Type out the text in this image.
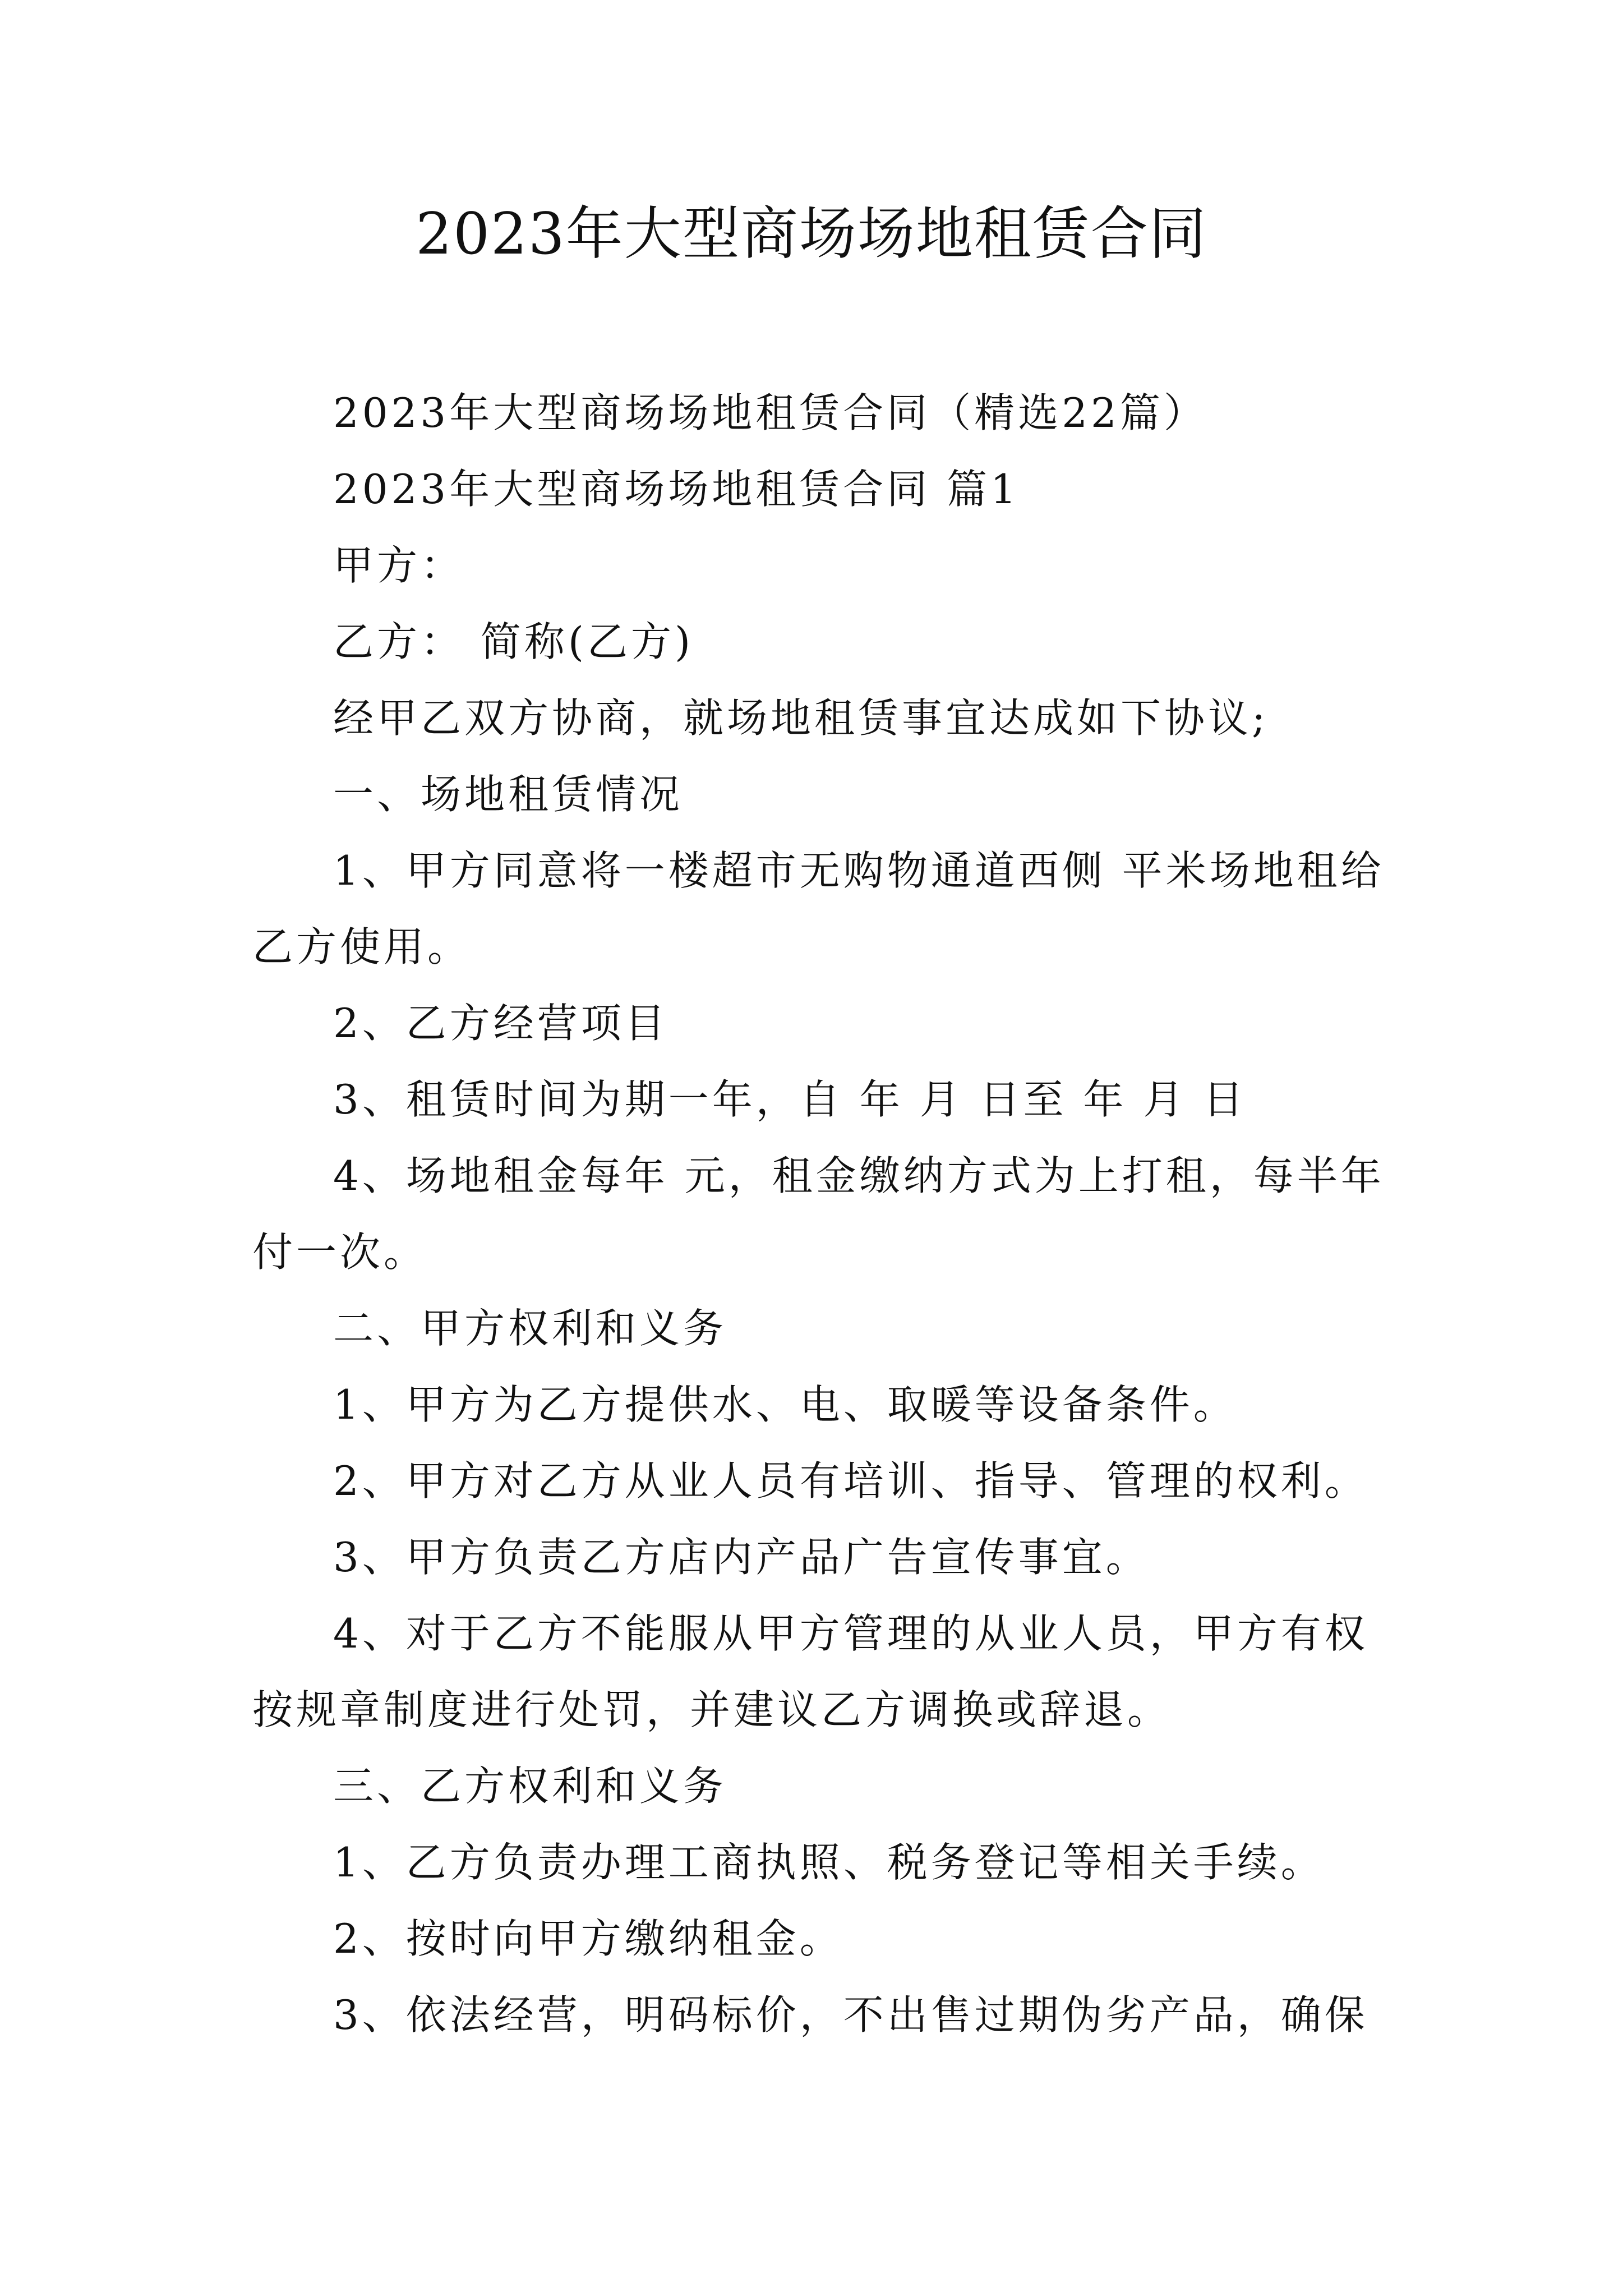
2023年大型商场场地租赁合同

2023年大型商场场地租赁合同（精选22篇）

2023年大型商场场地租赁合同 篇1

甲方：

乙方： 简称(乙方)

经甲乙双方协商，就场地租赁事宜达成如下协议;

一、场地租赁情况

1、甲方同意将一楼超市无购物通道西侧 平米场地租给乙方使用。

2、乙方经营项目

3、租赁时间为期一年，自 年 月 日至 年 月 日

4、场地租金每年 元，租金缴纳方式为上打租，每半年付一次。

二、甲方权利和义务

1、甲方为乙方提供水、电、取暖等设备条件。

2、甲方对乙方从业人员有培训、指导、管理的权利。

3、甲方负责乙方店内产品广告宣传事宜。

4、对于乙方不能服从甲方管理的从业人员，甲方有权按规章制度进行处罚，并建议乙方调换或辞退。

三、乙方权利和义务

1、乙方负责办理工商执照、税务登记等相关手续。

2、按时向甲方缴纳租金。

3、依法经营，明码标价，不出售过期伪劣产品，确保
